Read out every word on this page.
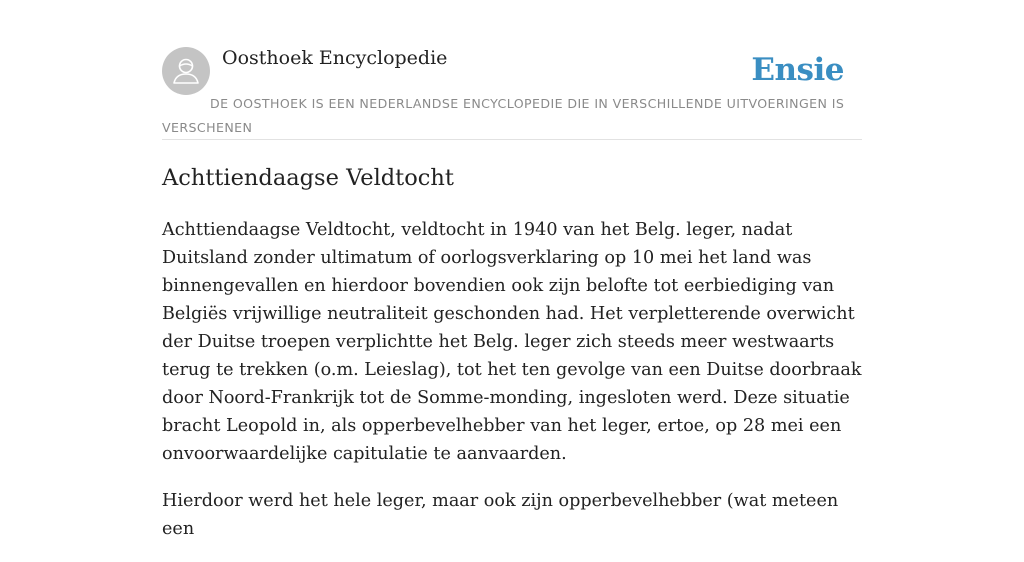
Oosthoek Encyclopedie	Ensie
DE OOSTHOEK IS EEN NEDERLANDSE ENCYCLOPEDIE DIE IN VERSCHILLENDE UITVOERINGEN IS VERSCHENEN
Achttiendaagse Veldtocht

Achttiendaagse Veldtocht, veldtocht in 1940 van het Belg. leger, nadat Duitsland zonder ultimatum of oorlogsverklaring op 10 mei het land was binnengevallen en hierdoor bovendien ook zijn belofte tot eerbiediging van Belgiës vrijwillige neutraliteit geschonden had. Het verpletterende overwicht der Duitse troepen verplichtte het Belg. leger zich steeds meer westwaarts terug te trekken (o.m. Leieslag), tot het ten gevolge van een Duitse doorbraak door Noord-Frankrijk tot de Somme-monding, ingesloten werd. Deze situatie bracht Leopold in, als opperbevelhebber van het leger, ertoe, op 28 mei een onvoorwaardelijke capitulatie te aanvaarden.

Hierdoor werd het hele leger, maar ook zijn opperbevelhebber (wat meteen een
